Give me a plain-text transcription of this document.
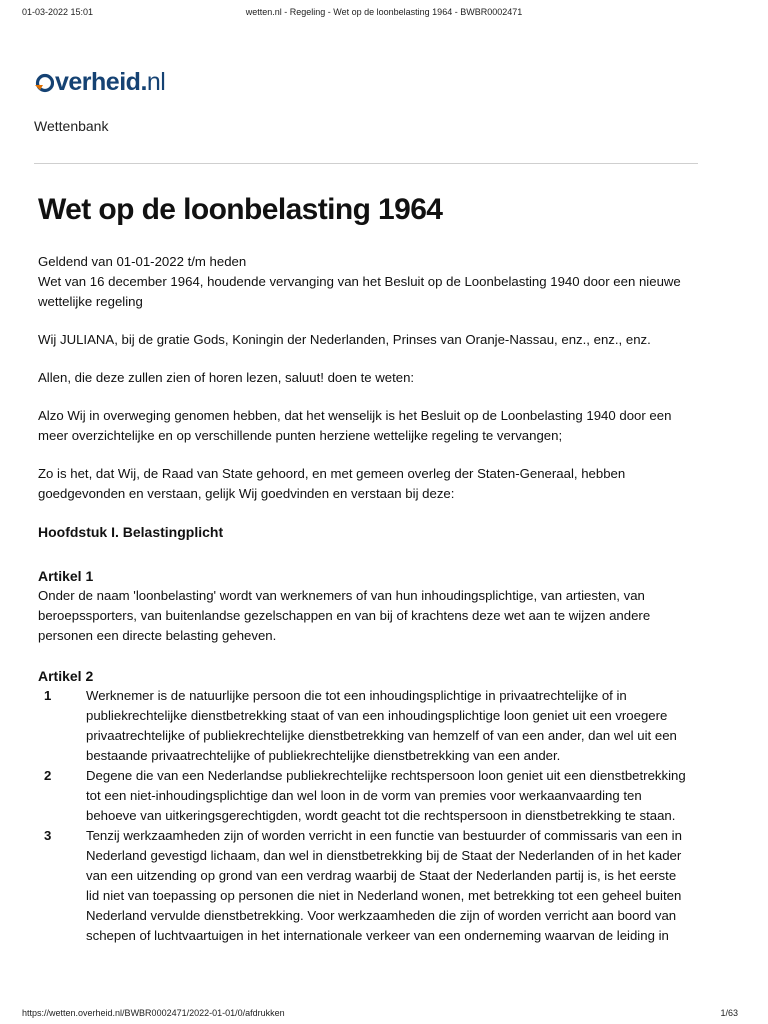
01-03-2022 15:01	wetten.nl - Regeling - Wet op de loonbelasting 1964 - BWBR0002471
verheid . nl
Wettenbank
Wet op de loonbelasting 1964

Geldend van 01-01-2022 t/m heden

Wet van 16 december 1964, houdende vervanging van het Besluit op de Loonbelasting 1940 door een nieuwe wettelijke regeling

Wij JULIANA, bij de gratie Gods, Koningin der Nederlanden, Prinses van Oranje-Nassau, enz., enz., enz.

Allen, die deze zullen zien of horen lezen, saluut! doen te weten:

Alzo Wij in overweging genomen hebben, dat het wenselijk is het Besluit op de Loonbelasting 1940 door een meer overzichtelijke en op verschillende punten herziene wettelijke regeling te vervangen;

Zo is het, dat Wij, de Raad van State gehoord, en met gemeen overleg der Staten-Generaal, hebben goedgevonden en verstaan, gelijk Wij goedvinden en verstaan bij deze:

Hoofdstuk I. Belastingplicht
Artikel 1
Onder de naam 'loonbelasting' wordt van werknemers of van hun inhoudingsplichtige, van artiesten, van beroepssporters, van buitenlandse gezelschappen en van bij of krachtens deze wet aan te wijzen andere personen een directe belasting geheven.
Artikel 2
1	Werknemer is de natuurlijke persoon die tot een inhoudingsplichtige in privaatrechtelijke of in publiekrechtelijke dienstbetrekking staat of van een inhoudingsplichtige loon geniet uit een vroegere privaatrechtelijke of publiekrechtelijke dienstbetrekking van hemzelf of van een ander, dan wel uit een bestaande privaatrechtelijke of publiekrechtelijke dienstbetrekking van een ander.
2	Degene die van een Nederlandse publiekrechtelijke rechtspersoon loon geniet uit een dienstbetrekking tot een niet-inhoudingsplichtige dan wel loon in de vorm van premies voor werkaanvaarding ten behoeve van uitkeringsgerechtigden, wordt geacht tot die rechtspersoon in dienstbetrekking te staan.
3	Tenzij werkzaamheden zijn of worden verricht in een functie van bestuurder of commissaris van een in Nederland gevestigd lichaam, dan wel in dienstbetrekking bij de Staat der Nederlanden of in het kader van een uitzending op grond van een verdrag waarbij de Staat der Nederlanden partij is, is het eerste lid niet van toepassing op personen die niet in Nederland wonen, met betrekking tot een geheel buiten Nederland vervulde dienstbetrekking. Voor werkzaamheden die zijn of worden verricht aan boord van schepen of luchtvaartuigen in het internationale verkeer van een onderneming waarvan de leiding in
https://wetten.overheid.nl/BWBR0002471/2022-01-01/0/afdrukken	1/63
